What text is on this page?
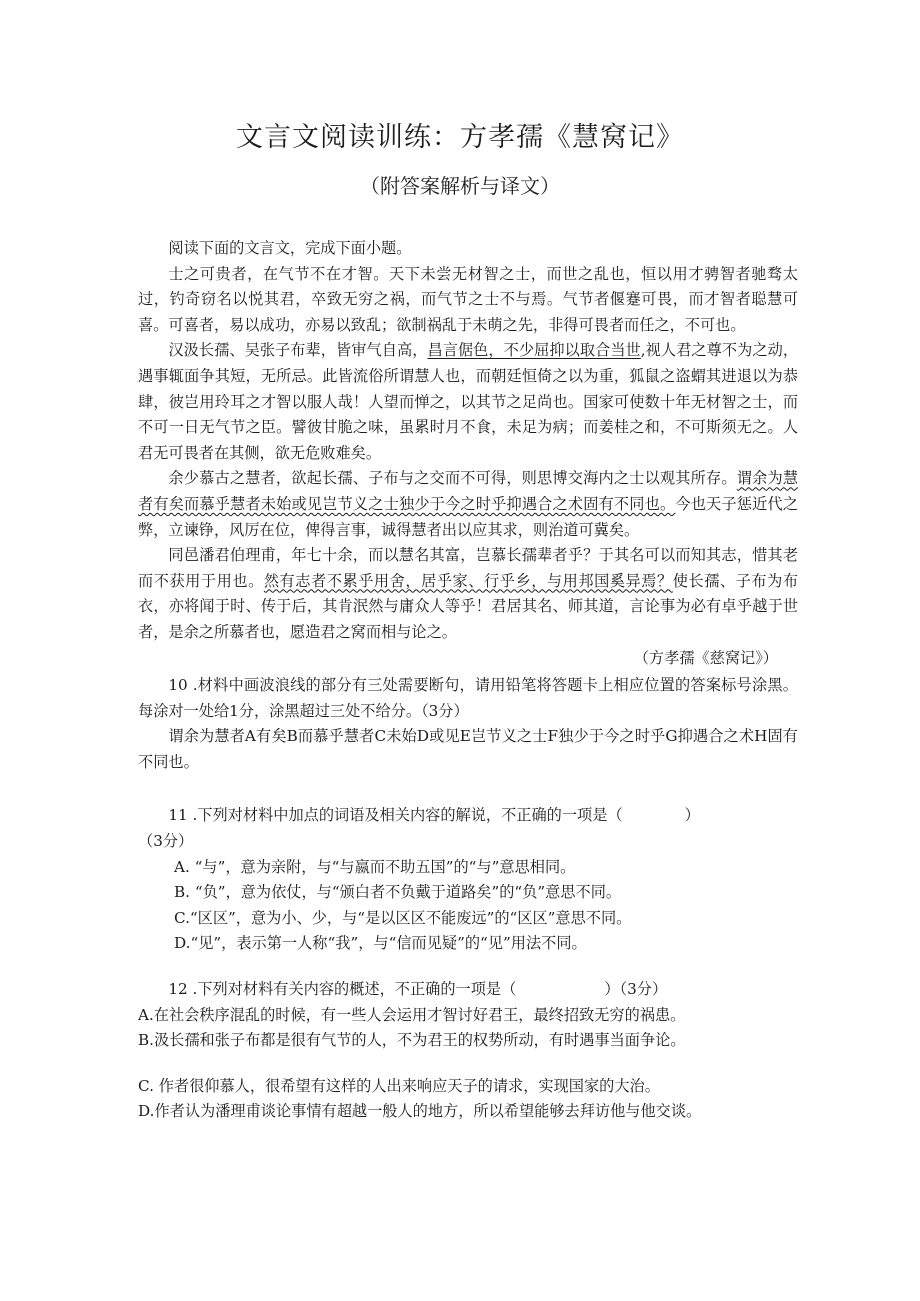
文言文阅读训练：方孝孺《慧窝记》
（附答案解析与译文）

阅读下面的文言文，完成下面小题。

士之可贵者，在气节不在才智。天下未尝无材智之士，而世之乱也，恒以用才骋智者驰骛太过，钓奇窃名以悦其君，卒致无穷之祸，而气节之士不与焉。气节者偃蹇可畏，而才智者聪慧可喜。可喜者，易以成功，亦易以致乱；欲制祸乱于未萌之先，非得可畏者而任之，不可也。

汉汲长孺、吴张子布辈，皆审气自高，昌言倨色，不少屈抑以取合当世,视人君之尊不为之动，遇事辄面争其短，无所忌。此皆流俗所谓慧人也，而朝廷恒倚之以为重，狐鼠之盗蝟其进退以为恭肆，彼岂用玲耳之才智以服人哉！人望而惮之，以其节之足尚也。国家可使数十年无材智之士，而不可一日无气节之臣。譬彼甘脆之味，虽累时月不食，未足为病；而姜桂之和，不可斯须无之。人君无可畏者在其侧，欲无危败难矣。

余少慕古之慧者，欲起长孺、子布与之交而不可得，则思博交海内之士以观其所存。谓余为慧者有矣而慕乎慧者未始或见岂节义之士独少于今之时乎抑遇合之术固有不同也。今也天子惩近代之弊，立谏铮，风厉在位，俾得言事，诚得慧者出以应其求，则治道可冀矣。

同邑潘君伯理甫，年七十余，而以慧名其富，岂慕长孺辈者乎？于其名可以而知其志，惜其老而不获用于用也。然有志者不累乎用舍，居乎家、行乎乡，与用邦国奚异焉？使长孺、子布为布衣，亦将闻于时、传于后，其肯泯然与庸众人等乎！君居其名、师其道，言论事为必有卓乎越于世者，是余之所慕者也，愿造君之窝而相与论之。

（方孝孺《慈窝记》）

10 .材料中画波浪线的部分有三处需要断句，请用铅笔将答题卡上相应位置的答案标号涂黑。每涂对一处给1分，涂黑超过三处不给分。（3分）

谓余为慧者A有矣B而慕乎慧者C未始D或见E岂节义之士F独少于今之时乎G抑遇合之术H固有不同也。

11 .下列对材料中加点的词语及相关内容的解说，不正确的一项是（	）

（3分）

A. “与”，意为亲附，与“与嬴而不助五国”的“与”意思相同。

B. “负”，意为依仗，与“颁白者不负戴于道路矣”的“负”意思不同。

C.“区区”，意为小、少，与“是以区区不能废远”的“区区”意思不同。

D.“见”，表示第一人称“我”，与“信而见疑”的“见”用法不同。

12 .下列对材料有关内容的概述，不正确的一项是（	）（3分）

A.在社会秩序混乱的时候，有一些人会运用才智讨好君王，最终招致无穷的祸患。

B.汲长孺和张子布都是很有气节的人，不为君王的权势所动，有时遇事当面争论。

C. 作者很仰慕人，很希望有这样的人出来响应天子的请求，实现国家的大治。

D.作者认为潘理甫谈论事情有超越一般人的地方，所以希望能够去拜访他与他交谈。
